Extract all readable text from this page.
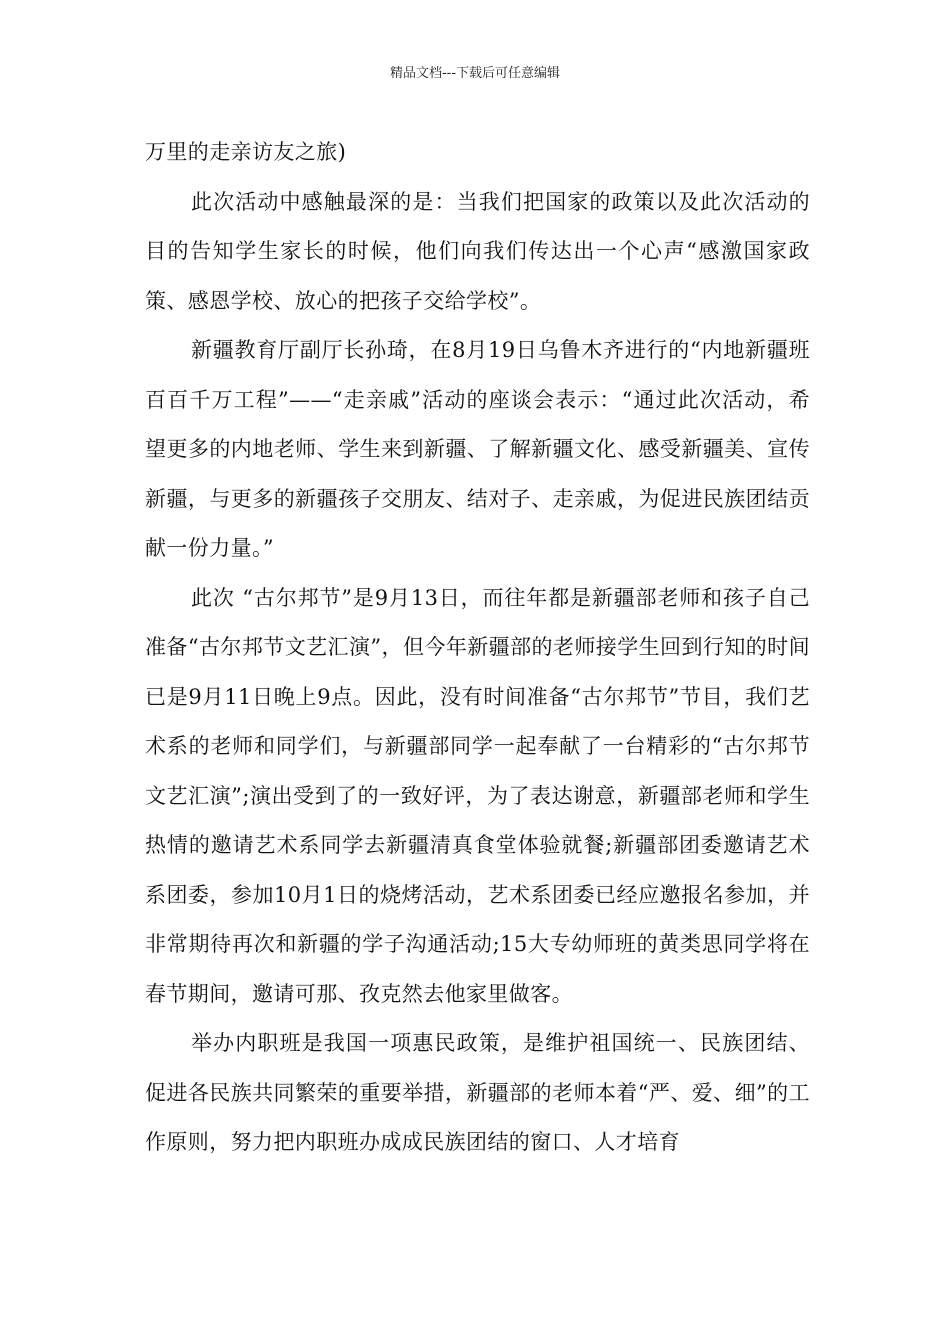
精品文档---下载后可任意编辑

万里的走亲访友之旅)

此次活动中感触最深的是：当我们把国家的政策以及此次活动的目的告知学生家长的时候，他们向我们传达出一个心声“感激国家政策、感恩学校、放心的把孩子交给学校”。

新疆教育厅副厅长孙琦，在8月19日乌鲁木齐进行的“内地新疆班百百千万工程”——“走亲戚”活动的座谈会表示：“通过此次活动，希望更多的内地老师、学生来到新疆、了解新疆文化、感受新疆美、宣传新疆，与更多的新疆孩子交朋友、结对子、走亲戚，为促进民族团结贡献一份力量。”

此次 “古尔邦节”是9月13日，而往年都是新疆部老师和孩子自己准备“古尔邦节文艺汇演”，但今年新疆部的老师接学生回到行知的时间已是9月11日晚上9点。因此，没有时间准备“古尔邦节”节目，我们艺术系的老师和同学们，与新疆部同学一起奉献了一台精彩的“古尔邦节文艺汇演”;演出受到了的一致好评，为了表达谢意，新疆部老师和学生热情的邀请艺术系同学去新疆清真食堂体验就餐;新疆部团委邀请艺术系团委，参加10月1日的烧烤活动，艺术系团委已经应邀报名参加，并非常期待再次和新疆的学子沟通活动;15大专幼师班的黄类思同学将在春节期间，邀请可那、孜克然去他家里做客。

举办内职班是我国一项惠民政策，是维护祖国统一、民族团结、促进各民族共同繁荣的重要举措，新疆部的老师本着“严、爱、细”的工作原则，努力把内职班办成成民族团结的窗口、人才培育
